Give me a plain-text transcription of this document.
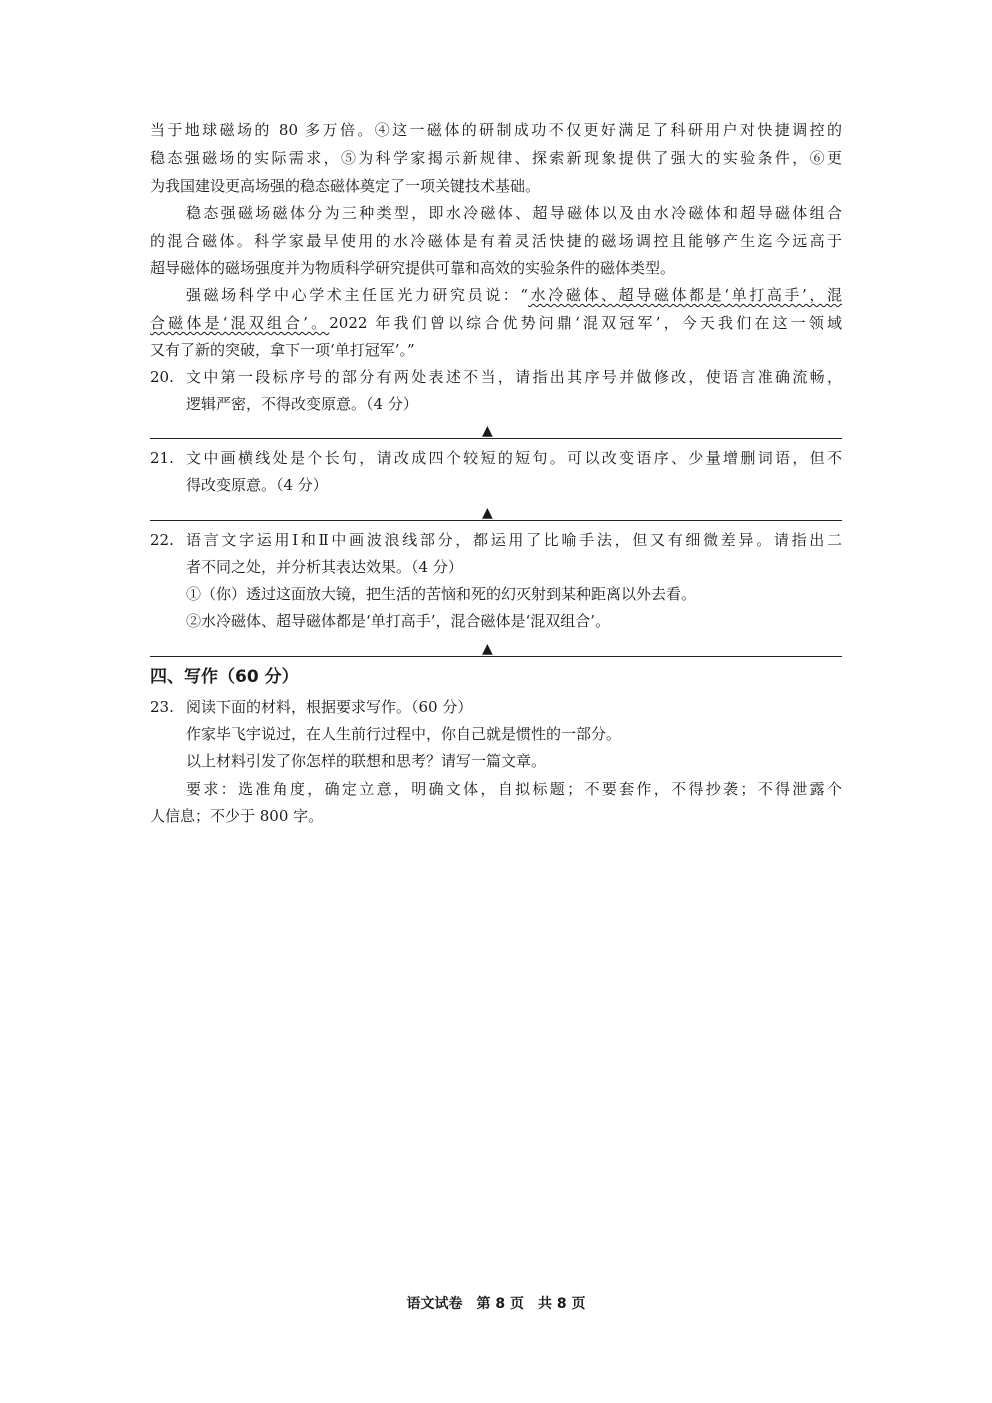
当于地球磁场的 80 多万倍。④这一磁体的研制成功不仅更好满足了科研用户对快捷调控的
稳态强磁场的实际需求，⑤为科学家揭示新规律、探索新现象提供了强大的实验条件，⑥更
为我国建设更高场强的稳态磁体奠定了一项关键技术基础。
稳态强磁场磁体分为三种类型，即水冷磁体、超导磁体以及由水冷磁体和超导磁体组合
的混合磁体。科学家最早使用的水冷磁体是有着灵活快捷的磁场调控且能够产生迄今远高于
超导磁体的磁场强度并为物质科学研究提供可靠和高效的实验条件的磁体类型。
强磁场科学中心学术主任匡光力研究员说：“水冷磁体、超导磁体都是‘单打高手’，混
合磁体是‘混双组合’。2022 年我们曾以综合优势问鼎‘混双冠军’，今天我们在这一领域
又有了新的突破，拿下一项‘单打冠军’。”
20. 文中第一段标序号的部分有两处表述不当，请指出其序号并做修改，使语言准确流畅，
逻辑严密，不得改变原意。（4 分）
▲
21. 文中画横线处是个长句，请改成四个较短的短句。可以改变语序、少量增删词语，但不
得改变原意。（4 分）
▲
22. 语言文字运用Ⅰ和Ⅱ中画波浪线部分，都运用了比喻手法，但又有细微差异。请指出二
者不同之处，并分析其表达效果。（4 分）
①（你）透过这面放大镜，把生活的苦恼和死的幻灭射到某种距离以外去看。
②水冷磁体、超导磁体都是‘单打高手’，混合磁体是‘混双组合’。
▲
四、写作（60 分）
23. 阅读下面的材料，根据要求写作。（60 分）
作家毕飞宇说过，在人生前行过程中，你自己就是惯性的一部分。
以上材料引发了你怎样的联想和思考？请写一篇文章。
要求：选准角度，确定立意，明确文体，自拟标题；不要套作，不得抄袭；不得泄露个
人信息；不少于 800 字。
语文试卷　第 8 页　共 8 页
